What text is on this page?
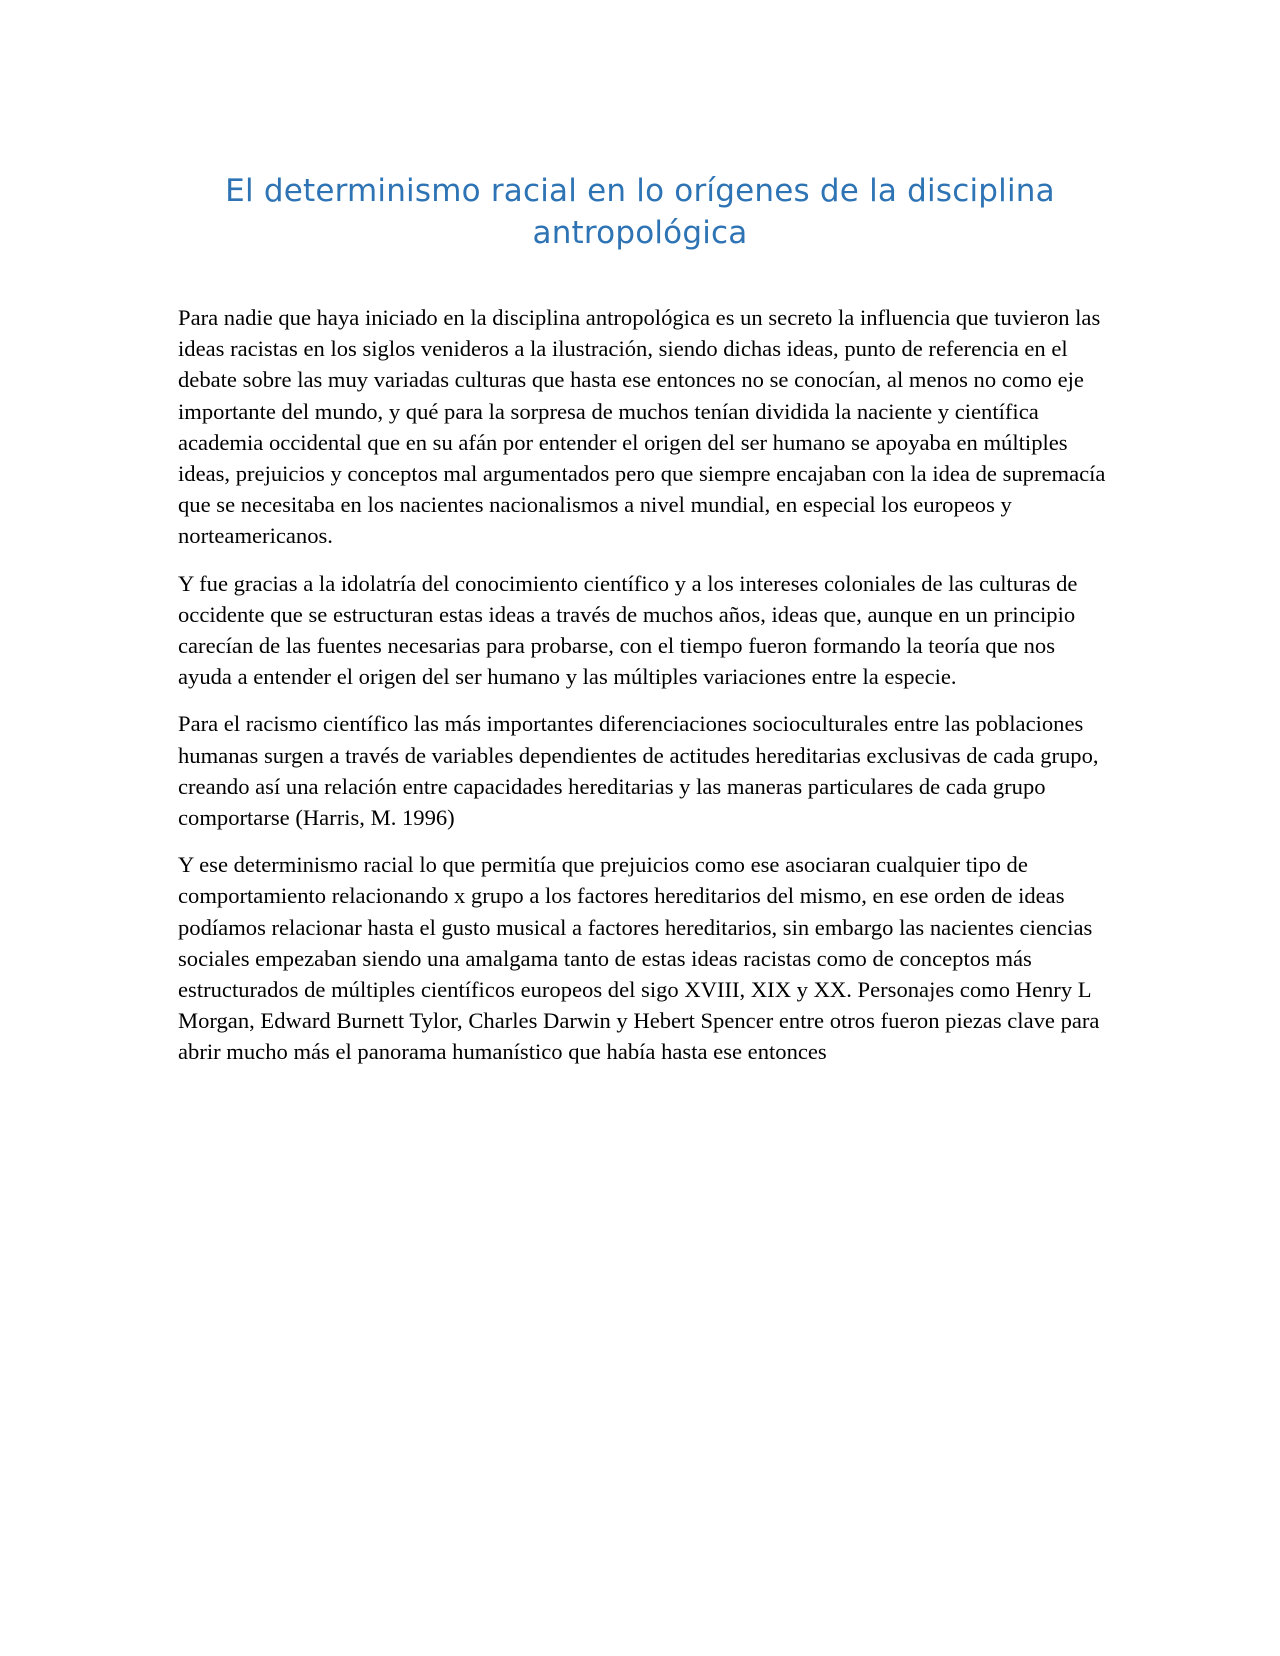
El determinismo racial en lo orígenes de la disciplina antropológica

Para nadie que haya iniciado en la disciplina antropológica es un secreto la influencia que tuvieron las ideas racistas en los siglos venideros a la ilustración, siendo dichas ideas, punto de referencia en el debate sobre las muy variadas culturas que hasta ese entonces no se conocían, al menos no como eje importante del mundo, y qué para la sorpresa de muchos tenían dividida la naciente y científica academia occidental que en su afán por entender el origen del ser humano se apoyaba en múltiples ideas, prejuicios y conceptos mal argumentados pero que siempre encajaban con la idea de supremacía que se necesitaba en los nacientes nacionalismos a nivel mundial, en especial los europeos y norteamericanos.

Y fue gracias a la idolatría del conocimiento científico y a los intereses coloniales de las culturas de occidente que se estructuran estas ideas a través de muchos años, ideas que, aunque en un principio carecían de las fuentes necesarias para probarse, con el tiempo fueron formando la teoría que nos ayuda a entender el origen del ser humano y las múltiples variaciones entre la especie.

Para el racismo científico las más importantes diferenciaciones socioculturales entre las poblaciones humanas surgen a través de variables dependientes de actitudes hereditarias exclusivas de cada grupo, creando así una relación entre capacidades hereditarias y las maneras particulares de cada grupo comportarse (Harris, M. 1996)

Y ese determinismo racial lo que permitía que prejuicios como ese asociaran cualquier tipo de comportamiento relacionando x grupo a los factores hereditarios del mismo, en ese orden de ideas podíamos relacionar hasta el gusto musical a factores hereditarios, sin embargo las nacientes ciencias sociales empezaban siendo una amalgama tanto de estas ideas racistas como de conceptos más estructurados de múltiples científicos europeos del sigo XVIII, XIX y XX. Personajes como Henry L Morgan, Edward Burnett Tylor, Charles Darwin y Hebert Spencer entre otros fueron piezas clave para abrir mucho más el panorama humanístico que había hasta ese entonces
